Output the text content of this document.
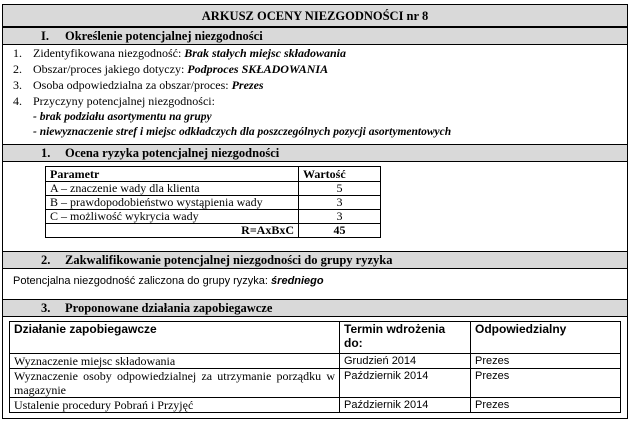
ARKUSZ OCENY NIEZGODNOŚCI nr 8
I. Określenie potencjalnej niezgodności
1. Zidentyfikowana niezgodność: Brak stałych miejsc składowania
2. Obszar/proces jakiego dotyczy: Podproces SKŁADOWANIA
3. Osoba odpowiedzialna za obszar/proces: Prezes
4. Przyczyny potencjalnej niezgodności:
- brak podziału asortymentu na grupy
- niewyznaczenie stref i miejsc odkładczych dla poszczególnych pozycji asortymentowych
1. Ocena ryzyka potencjalnej niezgodności
Parametr	Wartość
A – znaczenie wady dla klienta	5
B – prawdopodobieństwo wystąpienia wady	3
C – możliwość wykrycia wady	3
R=AxBxC	45
2. Zakwalifikowanie potencjalnej niezgodności do grupy ryzyka
Potencjalna niezgodność zaliczona do grupy ryzyka: średniego
3. Proponowane działania zapobiegawcze
Działanie zapobiegawcze	Termin wdrożenia do:	Odpowiedzialny
Wyznaczenie miejsc składowania	Grudzień 2014	Prezes
Wyznaczenie osoby odpowiedzialnej za utrzymanie porządku w magazynie	Październik 2014	Prezes
Ustalenie procedury Pobrań i Przyjęć	Październik 2014	Prezes
